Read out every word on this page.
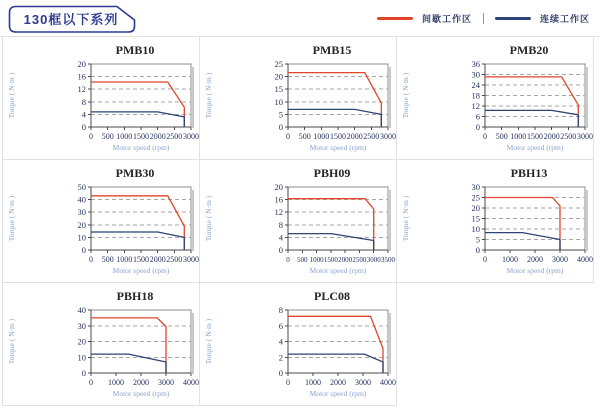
130框以下系列	间歇工作区	连续工作区
PMB10
0
4
8
12
16
20
0 500 1000 1500 2000 2500 3000
Motor speed (rpm)
Torque ( N·m )
PMB15
0
5
10
15
20
25
0 500 1000 1500 2000 2500 3000
Motor speed (rpm)
Torque ( N·m )
PMB20
0
6
12
18
24
30
36
0 500 1000 1500 2000 2500 3000
Motor speed (rpm)
Torque ( N·m )
PMB30
0
10
20
30
40
50
0 500 1000 1500 2000 2500 3000
Motor speed (rpm)
Torque ( N·m )
PBH09
0
4
8
12
16
20
0 500 1000 1500 2000 2500 3000 3500
Motor speed (rpm)
Torque ( N·m )
PBH13
0
5
10
15
20
25
30
0 1000 2000 3000 4000
Motor speed (rpm)
Torque ( N·m )
PBH18
0
10
20
30
40
0 1000 2000 3000 4000
Motor speed (rpm)
Torque ( N·m )
PLC08
0
2
4
6
8
0 1000 2000 3000 4000
Motor speed (rpm)
Torque ( N·m )
